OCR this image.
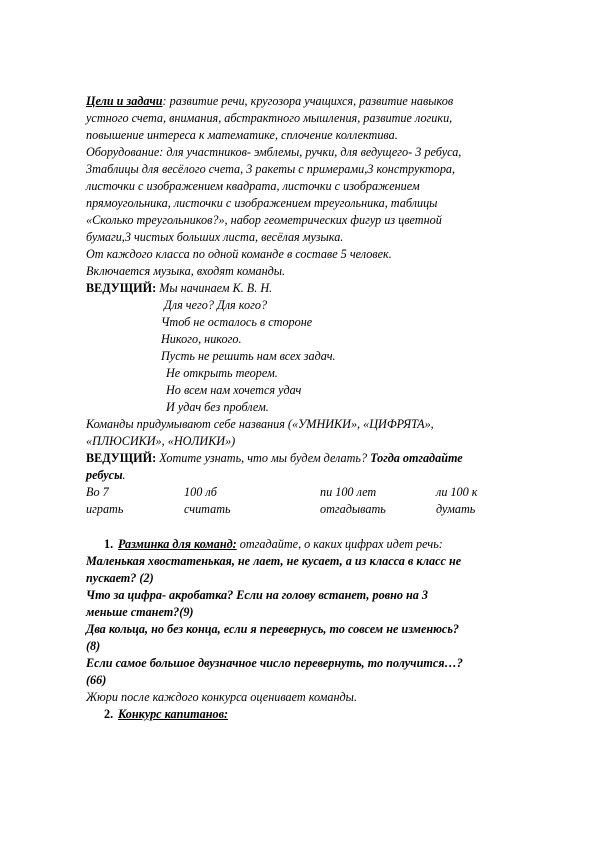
Цели и задачи: развитие речи, кругозора учащихся, развитие навыков
устного счета, внимания, абстрактного мышления, развитие логики,
повышение интереса к математике, сплочение коллектива.
Оборудование: для участников- эмблемы, ручки, для ведущего- 3 ребуса,
3таблицы для весёлого счета, 3 ракеты с примерами,3 конструктора,
листочки с изображением квадрата, листочки с изображением
прямоугольника, листочки с изображением треугольника, таблицы
«Сколько треугольников?», набор геометрических фигур из цветной
бумаги,3 чистых больших листа, весёлая музыка.
От каждого класса по одной команде в составе 5 человек.
Включается музыка, входят команды.
ВЕДУЩИЙ: Мы начинаем К. В. Н.
Для чего? Для кого?
Чтоб не осталось в стороне
Никого, никого.
Пусть не решить нам всех задач.
Не открыть теорем.
Но всем нам хочется удач
И удач без проблем.
Команды придумывают себе названия («УМНИКИ», «ЦИФРЯТА»,
«ПЛЮСИКИ», «НОЛИКИ»)
ВЕДУЩИЙ: Хотите узнать, что мы будем делать? Тогда отгадайте
ребусы.
Во 7	100 лб	пи 100 лет	ли 100 к
играть	считать	отгадывать	думать
1. Разминка для команд: отгадайте, о каких цифрах идет речь:
Маленькая хвостатенькая, не лает, не кусает, а из класса в класс не
пускает? (2)
Что за цифра- акробатка? Если на голову встанет, ровно на 3
меньше станет?(9)
Два кольца, но без конца, если я перевернусь, то совсем не изменюсь?
(8)
Если самое большое двузначное число перевернуть, то получится…?
(66)
Жюри после каждого конкурса оценивает команды.
2. Конкурс капитанов:
